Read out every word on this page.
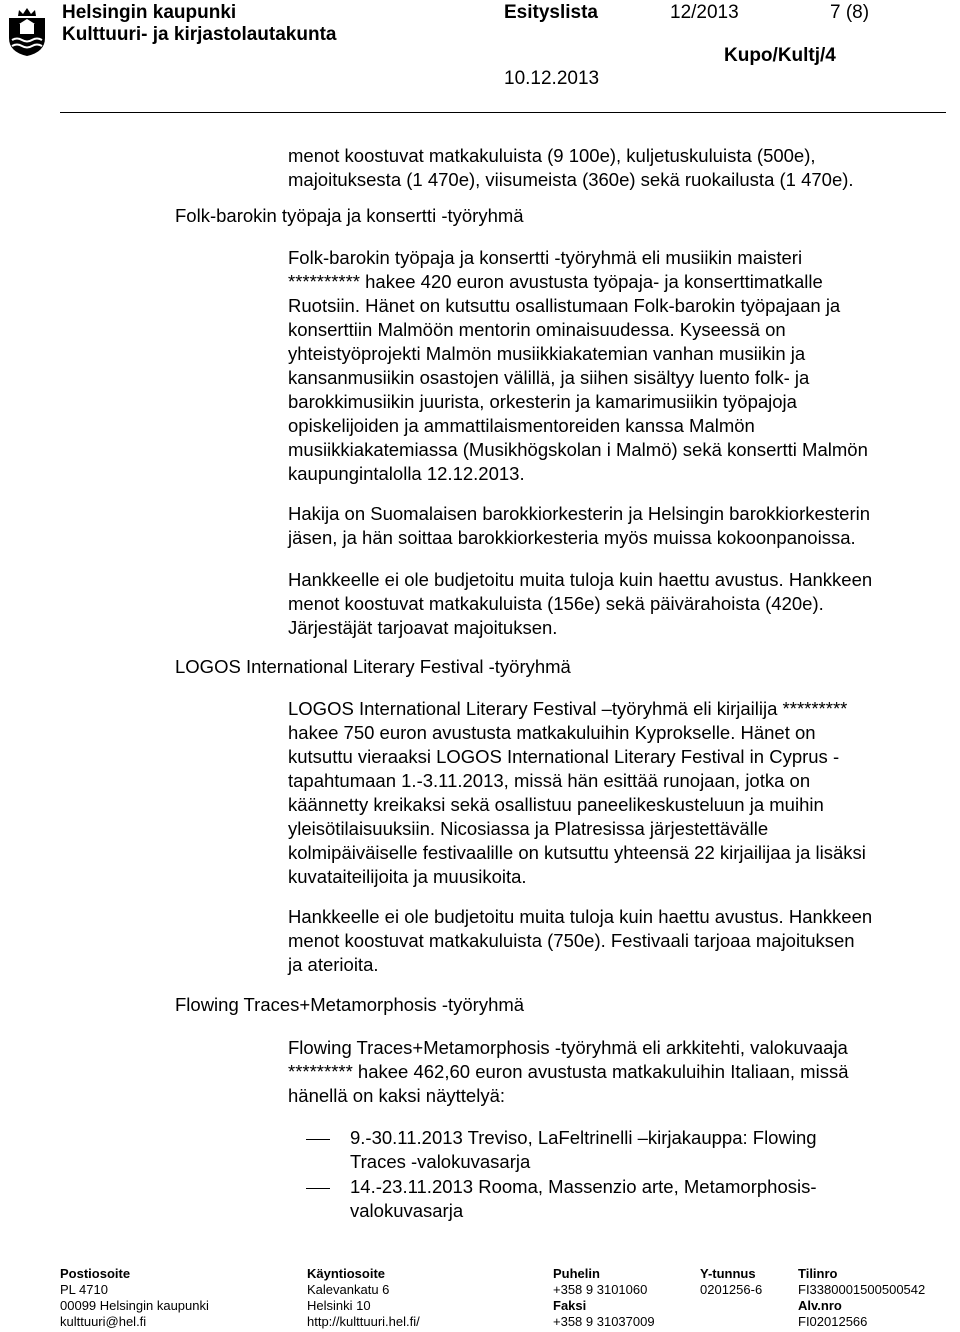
Helsingin kaupunki
Kulttuuri- ja kirjastolautakunta
Esityslista	12/2013	7 (8)
10.12.2013
Kupo/Kultj/4
menot koostuvat matkakuluista (9 100e), kuljetuskuluista (500e),
majoituksesta (1 470e), viisumeista (360e) sekä ruokailusta (1 470e).
Folk-barokin työpaja ja konsertti -työryhmä
Folk-barokin työpaja ja konsertti -työryhmä eli musiikin maisteri
********** hakee 420 euron avustusta työpaja- ja konserttimatkalle
Ruotsiin. Hänet on kutsuttu osallistumaan Folk-barokin työpajaan ja
konserttiin Malmöön mentorin ominaisuudessa. Kyseessä on
yhteistyöprojekti Malmön musiikkiakatemian vanhan musiikin ja
kansanmusiikin osastojen välillä, ja siihen sisältyy luento folk- ja
barokkimusiikin juurista, orkesterin ja kamarimusiikin työpajoja
opiskelijoiden ja ammattilaismentoreiden kanssa Malmön
musiikkiakatemiassa (Musikhögskolan i Malmö) sekä konsertti Malmön
kaupungintalolla 12.12.2013.
Hakija on Suomalaisen barokkiorkesterin ja Helsingin barokkiorkesterin
jäsen, ja hän soittaa barokkiorkesteria myös muissa kokoonpanoissa.
Hankkeelle ei ole budjetoitu muita tuloja kuin haettu avustus. Hankkeen
menot koostuvat matkakuluista (156e) sekä päivärahoista (420e).
Järjestäjät tarjoavat majoituksen.
LOGOS International Literary Festival -työryhmä
LOGOS International Literary Festival –työryhmä eli kirjailija *********
hakee 750 euron avustusta matkakuluihin Kyprokselle. Hänet on
kutsuttu vieraaksi LOGOS International Literary Festival in Cyprus -
tapahtumaan 1.-3.11.2013, missä hän esittää runojaan, jotka on
käännetty kreikaksi sekä osallistuu paneelikeskusteluun ja muihin
yleisötilaisuuksiin. Nicosiassa ja Platresissa järjestettävälle
kolmipäiväiselle festivaalille on kutsuttu yhteensä 22 kirjailijaa ja lisäksi
kuvataiteilijoita ja muusikoita.
Hankkeelle ei ole budjetoitu muita tuloja kuin haettu avustus. Hankkeen
menot koostuvat matkakuluista (750e). Festivaali tarjoaa majoituksen
ja aterioita.
Flowing Traces+Metamorphosis -työryhmä
Flowing Traces+Metamorphosis -työryhmä eli arkkitehti, valokuvaaja
********* hakee 462,60 euron avustusta matkakuluihin Italiaan, missä
hänellä on kaksi näyttelyä:
9.-30.11.2013 Treviso, LaFeltrinelli –kirjakauppa: Flowing
Traces -valokuvasarja
14.-23.11.2013 Rooma, Massenzio arte, Metamorphosis-
valokuvasarja
Postiosoite
PL 4710
00099 Helsingin kaupunki
kulttuuri@hel.fi
Käyntiosoite
Kalevankatu 6
Helsinki 10
http://kulttuuri.hel.fi/
Puhelin
+358 9 3101060
Faksi
+358 9 31037009
Y-tunnus
0201256-6
Tilinro
FI3380001500500542
Alv.nro
FI02012566
